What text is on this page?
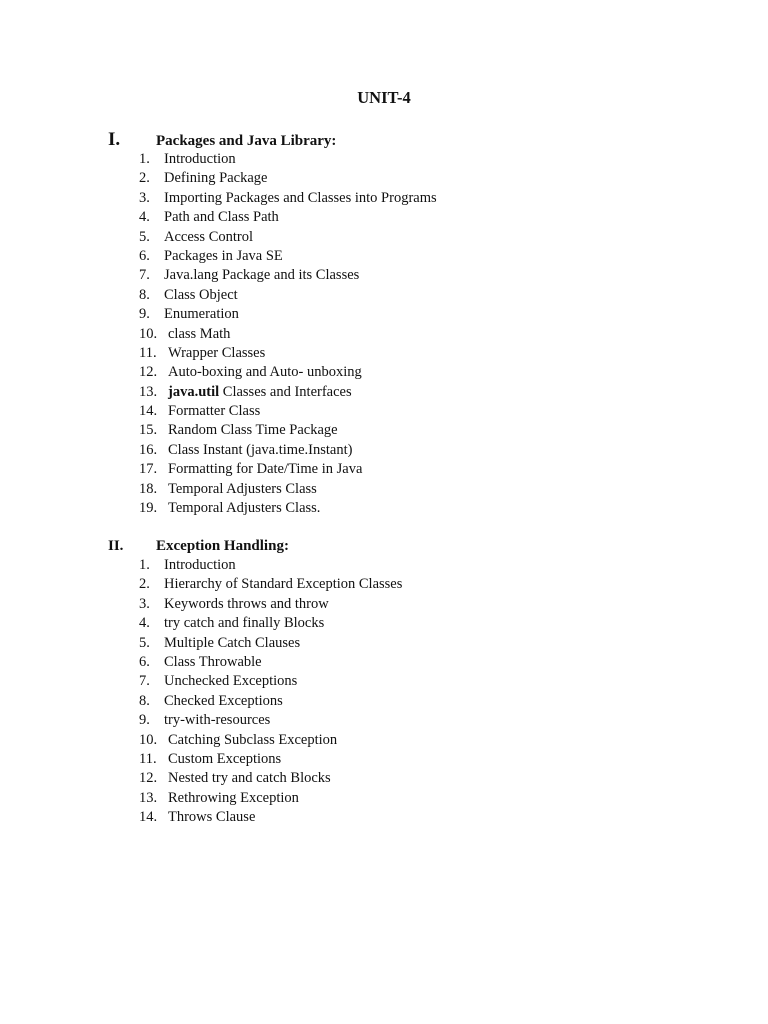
UNIT-4
I.	Packages and Java Library:
1. Introduction
2. Defining Package
3. Importing Packages and Classes into Programs
4. Path and Class Path
5. Access Control
6. Packages in Java SE
7. Java.lang Package and its Classes
8. Class Object
9. Enumeration
10. class Math
11. Wrapper Classes
12. Auto-boxing and Auto- unboxing
13. java.util Classes and Interfaces
14. Formatter Class
15. Random Class Time Package
16. Class Instant (java.time.Instant)
17. Formatting for Date/Time in Java
18. Temporal Adjusters Class
19. Temporal Adjusters Class.
II.	Exception Handling:
1. Introduction
2. Hierarchy of Standard Exception Classes
3. Keywords throws and throw
4. try catch and finally Blocks
5. Multiple Catch Clauses
6. Class Throwable
7. Unchecked Exceptions
8. Checked Exceptions
9. try-with-resources
10. Catching Subclass Exception
11. Custom Exceptions
12. Nested try and catch Blocks
13. Rethrowing Exception
14. Throws Clause
